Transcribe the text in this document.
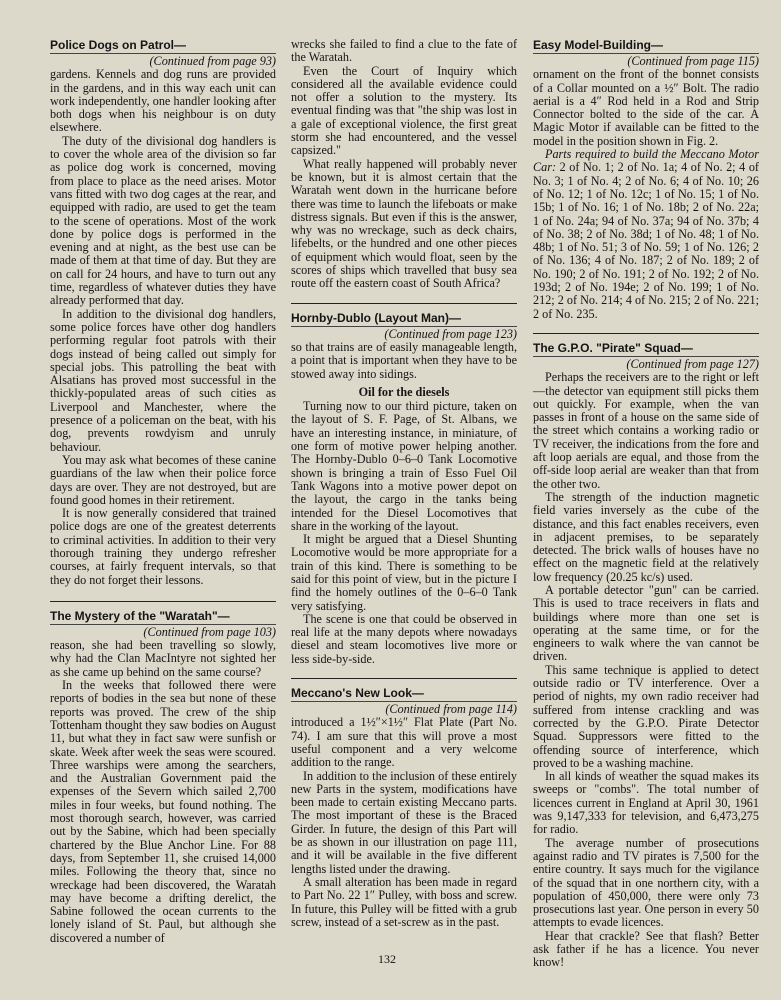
Police Dogs on Patrol—
(Continued from page 93)

gardens. Kennels and dog runs are provided in the gardens, and in this way each unit can work independently, one handler looking after both dogs when his neighbour is on duty elsewhere.

The duty of the divisional dog handlers is to cover the whole area of the division so far as police dog work is concerned, moving from place to place as the need arises. Motor vans fitted with two dog cages at the rear, and equipped with radio, are used to get the team to the scene of operations. Most of the work done by police dogs is performed in the evening and at night, as the best use can be made of them at that time of day. But they are on call for 24 hours, and have to turn out any time, regardless of whatever duties they have already performed that day.

In addition to the divisional dog handlers, some police forces have other dog handlers performing regular foot patrols with their dogs instead of being called out simply for special jobs. This patrolling the beat with Alsatians has proved most successful in the thickly-populated areas of such cities as Liverpool and Manchester, where the presence of a policeman on the beat, with his dog, prevents rowdyism and unruly behaviour.

You may ask what becomes of these canine guardians of the law when their police force days are over. They are not destroyed, but are found good homes in their retirement.

It is now generally considered that trained police dogs are one of the greatest deterrents to criminal activities. In addition to their very thorough training they undergo refresher courses, at fairly frequent intervals, so that they do not forget their lessons.

The Mystery of the "Waratah"—
(Continued from page 103)

reason, she had been travelling so slowly, why had the Clan MacIntyre not sighted her as she came up behind on the same course?

In the weeks that followed there were reports of bodies in the sea but none of these reports was proved. The crew of the ship Tottenham thought they saw bodies on August 11, but what they in fact saw were sunfish or skate. Week after week the seas were scoured. Three warships were among the searchers, and the Australian Government paid the expenses of the Severn which sailed 2,700 miles in four weeks, but found nothing. The most thorough search, however, was carried out by the Sabine, which had been specially chartered by the Blue Anchor Line. For 88 days, from September 11, she cruised 14,000 miles. Following the theory that, since no wreckage had been discovered, the Waratah may have become a drifting derelict, the Sabine followed the ocean currents to the lonely island of St. Paul, but although she discovered a number of

wrecks she failed to find a clue to the fate of the Waratah.

Even the Court of Inquiry which considered all the available evidence could not offer a solution to the mystery. Its eventual finding was that "the ship was lost in a gale of exceptional violence, the first great storm she had encountered, and the vessel capsized."

What really happened will probably never be known, but it is almost certain that the Waratah went down in the hurricane before there was time to launch the lifeboats or make distress signals. But even if this is the answer, why was no wreckage, such as deck chairs, lifebelts, or the hundred and one other pieces of equipment which would float, seen by the scores of ships which travelled that busy sea route off the eastern coast of South Africa?

Hornby-Dublo (Layout Man)—
(Continued from page 123)

so that trains are of easily manageable length, a point that is important when they have to be stowed away into sidings.

Oil for the diesels

Turning now to our third picture, taken on the layout of S. F. Page, of St. Albans, we have an interesting instance, in miniature, of one form of motive power helping another. The Hornby-Dublo 0–6–0 Tank Locomotive shown is bringing a train of Esso Fuel Oil Tank Wagons into a motive power depot on the layout, the cargo in the tanks being intended for the Diesel Locomotives that share in the working of the layout.

It might be argued that a Diesel Shunting Locomotive would be more appropriate for a train of this kind. There is something to be said for this point of view, but in the picture I find the homely outlines of the 0–6–0 Tank very satisfying.

The scene is one that could be observed in real life at the many depots where nowadays diesel and steam locomotives live more or less side-by-side.

Meccano's New Look—
(Continued from page 114)

introduced a 1½″×1½″ Flat Plate (Part No. 74). I am sure that this will prove a most useful component and a very welcome addition to the range.

In addition to the inclusion of these entirely new Parts in the system, modifications have been made to certain existing Meccano parts. The most important of these is the Braced Girder. In future, the design of this Part will be as shown in our illustration on page 111, and it will be available in the five different lengths listed under the drawing.

A small alteration has been made in regard to Part No. 22 1″ Pulley, with boss and screw. In future, this Pulley will be fitted with a grub screw, instead of a set-screw as in the past.

Easy Model-Building—
(Continued from page 115)

ornament on the front of the bonnet consists of a Collar mounted on a ½″ Bolt. The radio aerial is a 4″ Rod held in a Rod and Strip Connector bolted to the side of the car. A Magic Motor if available can be fitted to the model in the position shown in Fig. 2.

Parts required to build the Meccano Motor Car: 2 of No. 1; 2 of No. 1a; 4 of No. 2; 4 of No. 3; 1 of No. 4; 2 of No. 6; 4 of No. 10; 26 of No. 12; 1 of No. 12c; 1 of No. 15; 1 of No. 15b; 1 of No. 16; 1 of No. 18b; 2 of No. 22a; 1 of No. 24a; 94 of No. 37a; 94 of No. 37b; 4 of No. 38; 2 of No. 38d; 1 of No. 48; 1 of No. 48b; 1 of No. 51; 3 of No. 59; 1 of No. 126; 2 of No. 136; 4 of No. 187; 2 of No. 189; 2 of No. 190; 2 of No. 191; 2 of No. 192; 2 of No. 193d; 2 of No. 194e; 2 of No. 199; 1 of No. 212; 2 of No. 214; 4 of No. 215; 2 of No. 221; 2 of No. 235.

The G.P.O. "Pirate" Squad—
(Continued from page 127)

Perhaps the receivers are to the right or left—the detector van equipment still picks them out quickly. For example, when the van passes in front of a house on the same side of the street which contains a working radio or TV receiver, the indications from the fore and aft loop aerials are equal, and those from the off-side loop aerial are weaker than that from the other two.

The strength of the induction magnetic field varies inversely as the cube of the distance, and this fact enables receivers, even in adjacent premises, to be separately detected. The brick walls of houses have no effect on the magnetic field at the relatively low frequency (20.25 kc/s) used.

A portable detector "gun" can be carried. This is used to trace receivers in flats and buildings where more than one set is operating at the same time, or for the engineers to walk where the van cannot be driven.

This same technique is applied to detect outside radio or TV interference. Over a period of nights, my own radio receiver had suffered from intense crackling and was corrected by the G.P.O. Pirate Detector Squad. Suppressors were fitted to the offending source of interference, which proved to be a washing machine.

In all kinds of weather the squad makes its sweeps or "combs". The total number of licences current in England at April 30, 1961 was 9,147,333 for television, and 6,473,275 for radio.

The average number of prosecutions against radio and TV pirates is 7,500 for the entire country. It says much for the vigilance of the squad that in one northern city, with a population of 450,000, there were only 73 prosecutions last year. One person in every 50 attempts to evade licences.

Hear that crackle? See that flash? Better ask father if he has a licence. You never know!

132
